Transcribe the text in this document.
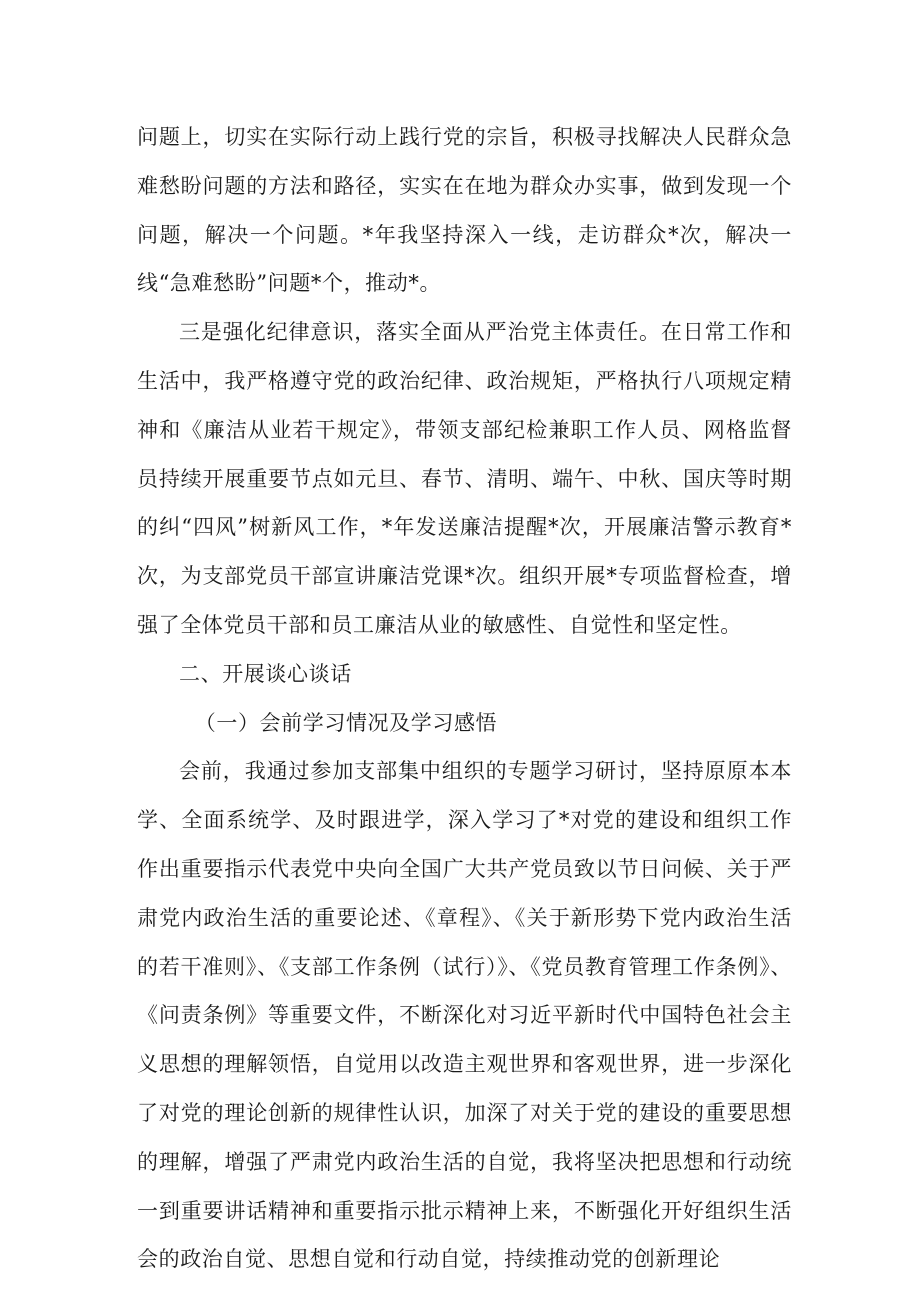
问题上，切实在实际行动上践行党的宗旨，积极寻找解决人民群众急难愁盼问题的方法和路径，实实在在地为群众办实事，做到发现一个问题，解决一个问题。*年我坚持深入一线，走访群众*次，解决一线“急难愁盼”问题*个，推动*。

三是强化纪律意识，落实全面从严治党主体责任。在日常工作和生活中，我严格遵守党的政治纪律、政治规矩，严格执行八项规定精神和《廉洁从业若干规定》，带领支部纪检兼职工作人员、网格监督员持续开展重要节点如元旦、春节、清明、端午、中秋、国庆等时期的纠“四风”树新风工作，*年发送廉洁提醒*次，开展廉洁警示教育*次，为支部党员干部宣讲廉洁党课*次。组织开展*专项监督检查，增强了全体党员干部和员工廉洁从业的敏感性、自觉性和坚定性。

二、开展谈心谈话

（一）会前学习情况及学习感悟

会前，我通过参加支部集中组织的专题学习研讨，坚持原原本本学、全面系统学、及时跟进学，深入学习了*对党的建设和组织工作作出重要指示代表党中央向全国广大共产党员致以节日问候、关于严肃党内政治生活的重要论述、《章程》、《关于新形势下党内政治生活的若干准则》、《支部工作条例（试行）》、《党员教育管理工作条例》、《问责条例》等重要文件，不断深化对习近平新时代中国特色社会主义思想的理解领悟，自觉用以改造主观世界和客观世界，进一步深化了对党的理论创新的规律性认识，加深了对关于党的建设的重要思想的理解，增强了严肃党内政治生活的自觉，我将坚决把思想和行动统一到重要讲话精神和重要指示批示精神上来，不断强化开好组织生活会的政治自觉、思想自觉和行动自觉，持续推动党的创新理论
